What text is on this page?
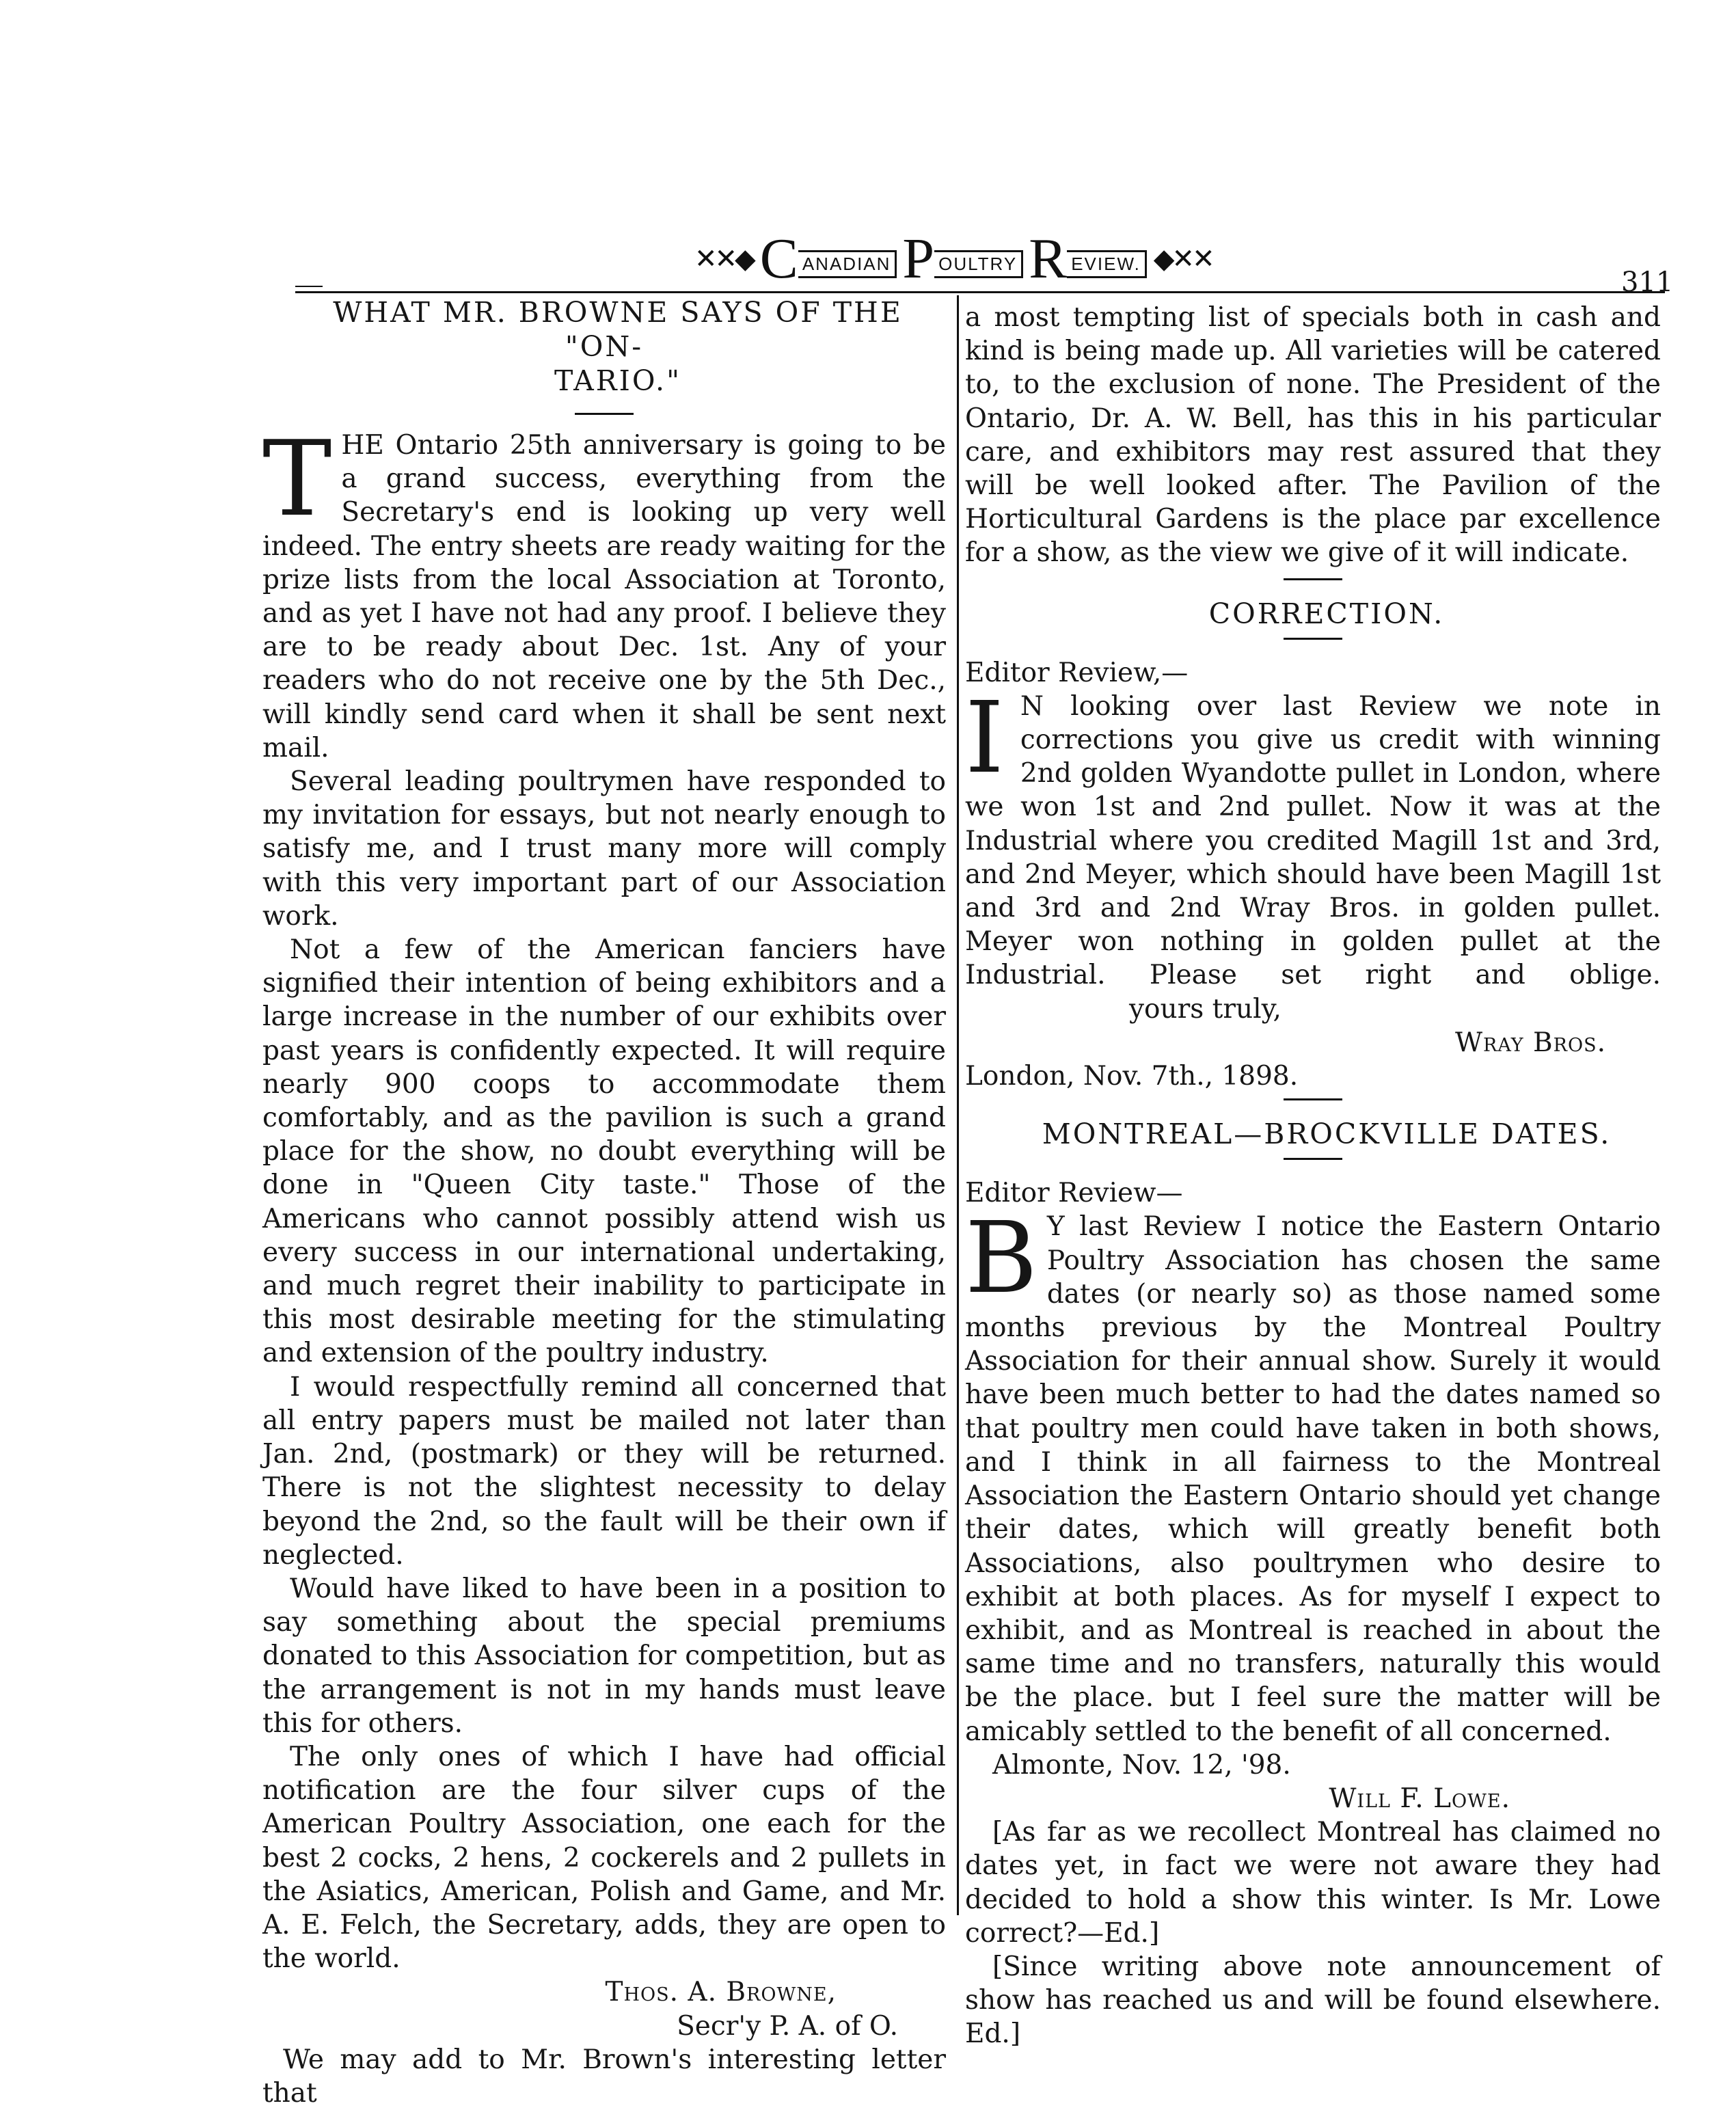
✕✕◆ C ANADIAN P OULTRY R EVIEW. ◆✕✕
311

WHAT MR. BROWNE SAYS OF THE "ON-

TARIO."

T HE Ontario 25th anniversary is going to be a grand success, everything from the Secretary's end is looking up very well indeed. The entry sheets are ready waiting for the prize lists from the local Association at Toronto, and as yet I have not had any proof. I believe they are to be ready about Dec. 1st. Any of your readers who do not receive one by the 5th Dec., will kindly send card when it shall be sent next mail.

Several leading poultrymen have responded to my invitation for essays, but not nearly enough to satisfy me, and I trust many more will comply with this very important part of our Association work.

Not a few of the American fanciers have signified their intention of being exhibitors and a large increase in the number of our exhibits over past years is confidently expected. It will require nearly 900 coops to accommodate them comfortably, and as the pavilion is such a grand place for the show, no doubt everything will be done in "Queen City taste." Those of the Americans who cannot possibly attend wish us every success in our international undertaking, and much regret their inability to participate in this most desirable meeting for the stimulating and extension of the poultry industry.

I would respectfully remind all concerned that all entry papers must be mailed not later than Jan. 2nd, (postmark) or they will be returned. There is not the slightest necessity to delay beyond the 2nd, so the fault will be their own if neglected.

Would have liked to have been in a position to say something about the special premiums donated to this Association for competition, but as the arrangement is not in my hands must leave this for others.

The only ones of which I have had official notification are the four silver cups of the American Poultry Association, one each for the best 2 cocks, 2 hens, 2 cockerels and 2 pullets in the Asiatics, American, Polish and Game, and Mr. A. E. Felch, the Secretary, adds, they are open to the world.

Thos. A. Browne,

Secr'y P. A. of O.

We may add to Mr. Brown's interesting letter that

a most tempting list of specials both in cash and kind is being made up. All varieties will be catered to, to the exclusion of none. The President of the Ontario, Dr. A. W. Bell, has this in his particular care, and exhibitors may rest assured that they will be well looked after. The Pavilion of the Horticultural Gardens is the place par excellence for a show, as the view we give of it will indicate.

CORRECTION.

Editor Review,—

I N looking over last Review we note in corrections you give us credit with winning 2nd golden Wyandotte pullet in London, where we won 1st and 2nd pullet. Now it was at the Industrial where you credited Magill 1st and 3rd, and 2nd Meyer, which should have been Magill 1st and 3rd and 2nd Wray Bros. in golden pullet. Meyer won nothing in golden pullet at the Industrial. Please set right and oblige. yours truly,

Wray Bros.

London, Nov. 7th., 1898.

MONTREAL—BROCKVILLE DATES.

Editor Review—

B Y last Review I notice the Eastern Ontario Poultry Association has chosen the same dates (or nearly so) as those named some months previous by the Montreal Poultry Association for their annual show. Surely it would have been much better to had the dates named so that poultry men could have taken in both shows, and I think in all fairness to the Montreal Association the Eastern Ontario should yet change their dates, which will greatly benefit both Associations, also poultrymen who desire to exhibit at both places. As for myself I expect to exhibit, and as Montreal is reached in about the same time and no transfers, naturally this would be the place. but I feel sure the matter will be amicably settled to the benefit of all concerned.

Almonte, Nov. 12, '98.

Will F. Lowe.

[As far as we recollect Montreal has claimed no dates yet, in fact we were not aware they had decided to hold a show this winter. Is Mr. Lowe correct?—Ed.]

[Since writing above note announcement of show has reached us and will be found elsewhere. Ed.]
